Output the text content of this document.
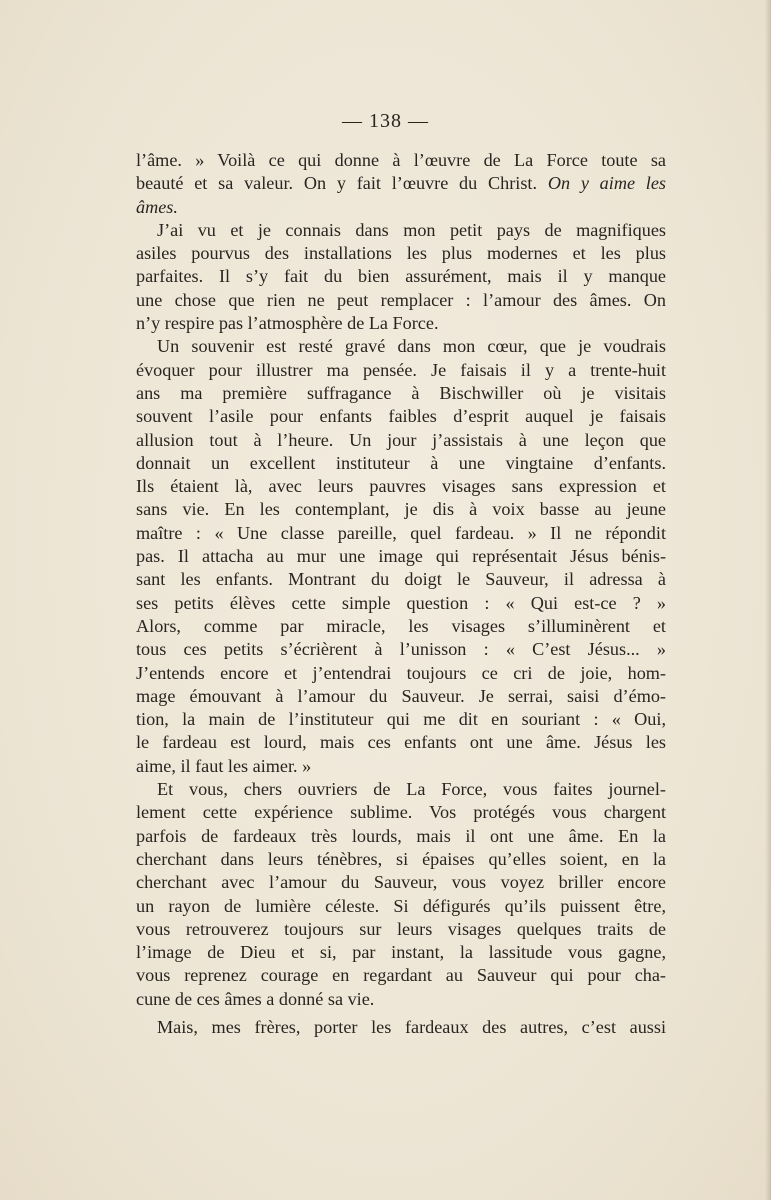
— 138 —
l’âme. » Voilà ce qui donne à l’œuvre de La Force toute sa
beauté et sa valeur. On y fait l’œuvre du Christ. On y aime les
âmes.
J’ai vu et je connais dans mon petit pays de magnifiques
asiles pourvus des installations les plus modernes et les plus
parfaites. Il s’y fait du bien assurément, mais il y manque
une chose que rien ne peut remplacer : l’amour des âmes. On
n’y respire pas l’atmosphère de La Force.
Un souvenir est resté gravé dans mon cœur, que je voudrais
évoquer pour illustrer ma pensée. Je faisais il y a trente-huit
ans ma première suffragance à Bischwiller où je visitais
souvent l’asile pour enfants faibles d’esprit auquel je faisais
allusion tout à l’heure. Un jour j’assistais à une leçon que
donnait un excellent instituteur à une vingtaine d’enfants.
Ils étaient là, avec leurs pauvres visages sans expression et
sans vie. En les contemplant, je dis à voix basse au jeune
maître : « Une classe pareille, quel fardeau. » Il ne répondit
pas. Il attacha au mur une image qui représentait Jésus bénis-
sant les enfants. Montrant du doigt le Sauveur, il adressa à
ses petits élèves cette simple question : « Qui est-ce ? »
Alors, comme par miracle, les visages s’illuminèrent et
tous ces petits s’écrièrent à l’unisson : « C’est Jésus... »
J’entends encore et j’entendrai toujours ce cri de joie, hom-
mage émouvant à l’amour du Sauveur. Je serrai, saisi d’émo-
tion, la main de l’instituteur qui me dit en souriant : « Oui,
le fardeau est lourd, mais ces enfants ont une âme. Jésus les
aime, il faut les aimer. »
Et vous, chers ouvriers de La Force, vous faites journel-
lement cette expérience sublime. Vos protégés vous chargent
parfois de fardeaux très lourds, mais il ont une âme. En la
cherchant dans leurs ténèbres, si épaises qu’elles soient, en la
cherchant avec l’amour du Sauveur, vous voyez briller encore
un rayon de lumière céleste. Si défigurés qu’ils puissent être,
vous retrouverez toujours sur leurs visages quelques traits de
l’image de Dieu et si, par instant, la lassitude vous gagne,
vous reprenez courage en regardant au Sauveur qui pour cha-
cune de ces âmes a donné sa vie.
Mais, mes frères, porter les fardeaux des autres, c’est aussi
